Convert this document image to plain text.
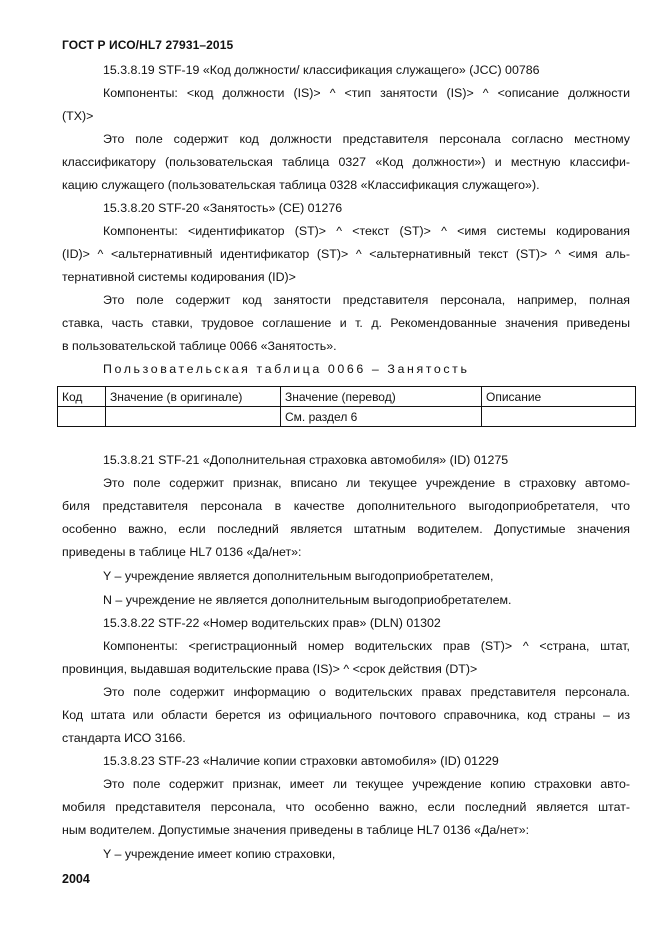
ГОСТ Р ИСО/HL7 27931–2015
15.3.8.19 STF-19 «Код должности/ классификация служащего» (JCC) 00786
Компоненты: <код должности (IS)> ^ <тип занятости (IS)> ^ <описание должности
(TX)>
Это поле содержит код должности представителя персонала согласно местному
классификатору (пользовательская таблица 0327 «Код должности») и местную классифи-
кацию служащего (пользовательская таблица 0328 «Классификация служащего»).
15.3.8.20 STF-20 «Занятость» (CE) 01276
Компоненты: <идентификатор (ST)> ^ <текст (ST)> ^ <имя системы кодирования
(ID)> ^ <альтернативный идентификатор (ST)> ^ <альтернативный текст (ST)> ^ <имя аль-
тернативной системы кодирования (ID)>
Это поле содержит код занятости представителя персонала, например, полная
ставка, часть ставки, трудовое соглашение и т. д. Рекомендованные значения приведены
в пользовательской таблице 0066 «Занятость».
Пользовательская таблица 0066 – Занятость
Код	Значение (в оригинале)	Значение (перевод)	Описание
		См. раздел 6	
15.3.8.21 STF-21 «Дополнительная страховка автомобиля» (ID) 01275
Это поле содержит признак, вписано ли текущее учреждение в страховку автомо-
биля представителя персонала в качестве дополнительного выгодоприобретателя, что
особенно важно, если последний является штатным водителем. Допустимые значения
приведены в таблице HL7 0136 «Да/нет»:
Y – учреждение является дополнительным выгодоприобретателем,
N – учреждение не является дополнительным выгодоприобретателем.
15.3.8.22 STF-22 «Номер водительских прав» (DLN) 01302
Компоненты: <регистрационный номер водительских прав (ST)> ^ <страна, штат,
провинция, выдавшая водительские права (IS)> ^ <срок действия (DT)>
Это поле содержит информацию о водительских правах представителя персонала.
Код штата или области берется из официального почтового справочника, код страны – из
стандарта ИСО 3166.
15.3.8.23 STF-23 «Наличие копии страховки автомобиля» (ID) 01229
Это поле содержит признак, имеет ли текущее учреждение копию страховки авто-
мобиля представителя персонала, что особенно важно, если последний является штат-
ным водителем. Допустимые значения приведены в таблице HL7 0136 «Да/нет»:
Y – учреждение имеет копию страховки,
2004
